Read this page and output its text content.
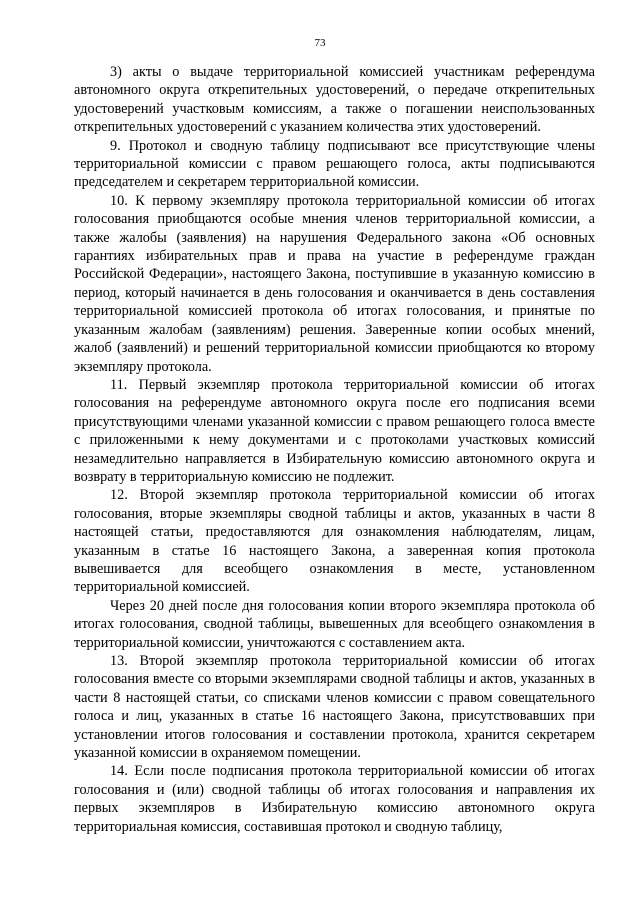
73

3) акты о выдаче территориальной комиссией участникам референдума автономного округа открепительных удостоверений, о передаче открепительных удостоверений участковым комиссиям, а также о погашении неиспользованных открепительных удостоверений с указанием количества этих удостоверений.

9. Протокол и сводную таблицу подписывают все присутствующие члены территориальной комиссии с правом решающего голоса, акты подписываются председателем и секретарем территориальной комиссии.

10. К первому экземпляру протокола территориальной комиссии об итогах голосования приобщаются особые мнения членов территориальной комиссии, а также жалобы (заявления) на нарушения Федерального закона «Об основных гарантиях избирательных прав и права на участие в референдуме граждан Российской Федерации», настоящего Закона, поступившие в указанную комиссию в период, который начинается в день голосования и оканчивается в день составления территориальной комиссией протокола об итогах голосования, и принятые по указанным жалобам (заявлениям) решения. Заверенные копии особых мнений, жалоб (заявлений) и решений территориальной комиссии приобщаются ко второму экземпляру протокола.

11. Первый экземпляр протокола территориальной комиссии об итогах голосования на референдуме автономного округа после его подписания всеми присутствующими членами указанной комиссии с правом решающего голоса вместе с приложенными к нему документами и с протоколами участковых комиссий незамедлительно направляется в Избирательную комиссию автономного округа и возврату в территориальную комиссию не подлежит.

12. Второй экземпляр протокола территориальной комиссии об итогах голосования, вторые экземпляры сводной таблицы и актов, указанных в части 8 настоящей статьи, предоставляются для ознакомления наблюдателям, лицам, указанным в статье 16 настоящего Закона, а заверенная копия протокола вывешивается для всеобщего ознакомления в месте, установленном территориальной комиссией.

Через 20 дней после дня голосования копии второго экземпляра протокола об итогах голосования, сводной таблицы, вывешенных для всеобщего ознакомления в территориальной комиссии, уничтожаются с составлением акта.

13. Второй экземпляр протокола территориальной комиссии об итогах голосования вместе со вторыми экземплярами сводной таблицы и актов, указанных в части 8 настоящей статьи, со списками членов комиссии с правом совещательного голоса и лиц, указанных в статье 16 настоящего Закона, присутствовавших при установлении итогов голосования и составлении протокола, хранится секретарем указанной комиссии в охраняемом помещении.

14. Если после подписания протокола территориальной комиссии об итогах голосования и (или) сводной таблицы об итогах голосования и направления их первых экземпляров в Избирательную комиссию автономного округа территориальная комиссия, составившая протокол и сводную таблицу,
